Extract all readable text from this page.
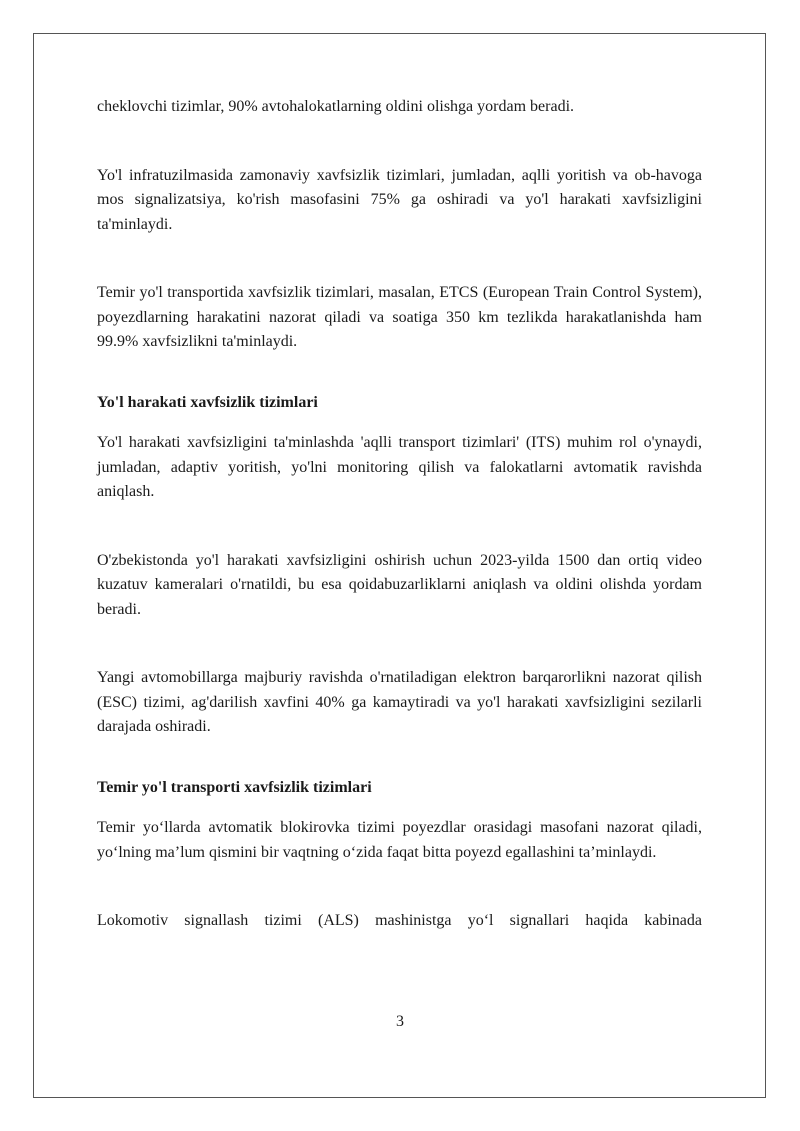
cheklovchi tizimlar, 90% avtohalokatlarning oldini olishga yordam beradi.

Yo'l infratuzilmasida zamonaviy xavfsizlik tizimlari, jumladan, aqlli yoritish va ob-havoga mos signalizatsiya, ko'rish masofasini 75% ga oshiradi va yo'l harakati xavfsizligini ta'minlaydi.

Temir yo'l transportida xavfsizlik tizimlari, masalan, ETCS (European Train Control System), poyezdlarning harakatini nazorat qiladi va soatiga 350 km tezlikda harakatlanishda ham 99.9% xavfsizlikni ta'minlaydi.

Yo'l harakati xavfsizlik tizimlari

Yo'l harakati xavfsizligini ta'minlashda 'aqlli transport tizimlari' (ITS) muhim rol o'ynaydi, jumladan, adaptiv yoritish, yo'lni monitoring qilish va falokatlarni avtomatik ravishda aniqlash.

O'zbekistonda yo'l harakati xavfsizligini oshirish uchun 2023-yilda 1500 dan ortiq video kuzatuv kameralari o'rnatildi, bu esa qoidabuzarliklarni aniqlash va oldini olishda yordam beradi.

Yangi avtomobillarga majburiy ravishda o'rnatiladigan elektron barqarorlikni nazorat qilish (ESC) tizimi, ag'darilish xavfini 40% ga kamaytiradi va yo'l harakati xavfsizligini sezilarli darajada oshiradi.

Temir yo'l transporti xavfsizlik tizimlari

Temir yo‘llarda avtomatik blokirovka tizimi poyezdlar orasidagi masofani nazorat qiladi, yo‘lning ma’lum qismini bir vaqtning o‘zida faqat bitta poyezd egallashini ta’minlaydi.

Lokomotiv signallash tizimi (ALS) mashinistga yo‘l signallari haqida kabinada

3
